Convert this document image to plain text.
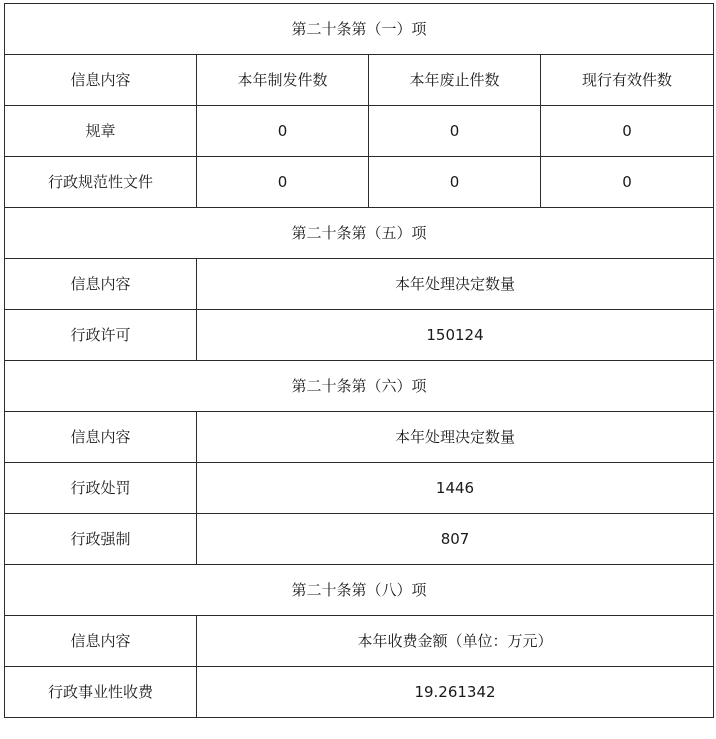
第二十条第（一）项			
信息内容	本年制发件数	本年废止件数	现行有效件数
规章	0	0	0
行政规范性文件	0	0	0
第二十条第（五）项			
信息内容	本年处理决定数量		
行政许可	150124		
第二十条第（六）项			
信息内容	本年处理决定数量		
行政处罚	1446		
行政强制	807		
第二十条第（八）项			
信息内容	本年收费金额（单位：万元）		
行政事业性收费	19.261342		
